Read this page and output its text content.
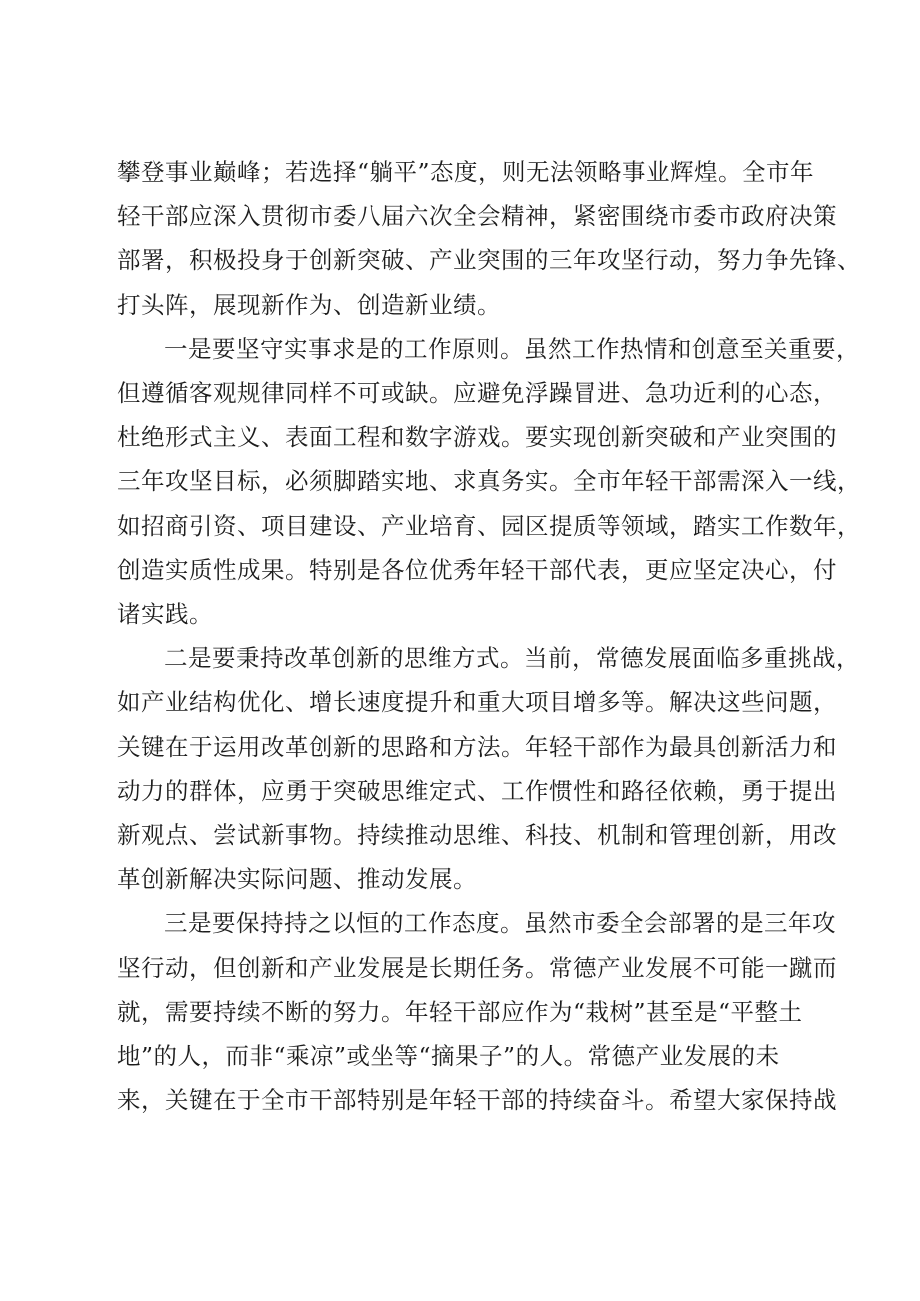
攀登事业巅峰；若选择“躺平”态度，则无法领略事业辉煌。全市年
轻干部应深入贯彻市委八届六次全会精神，紧密围绕市委市政府决策
部署，积极投身于创新突破、产业突围的三年攻坚行动，努力争先锋、
打头阵，展现新作为、创造新业绩。

一是要坚守实事求是的工作原则。虽然工作热情和创意至关重要，
但遵循客观规律同样不可或缺。应避免浮躁冒进、急功近利的心态，
杜绝形式主义、表面工程和数字游戏。要实现创新突破和产业突围的
三年攻坚目标，必须脚踏实地、求真务实。全市年轻干部需深入一线，
如招商引资、项目建设、产业培育、园区提质等领域，踏实工作数年，
创造实质性成果。特别是各位优秀年轻干部代表，更应坚定决心，付
诸实践。

二是要秉持改革创新的思维方式。当前，常德发展面临多重挑战，
如产业结构优化、增长速度提升和重大项目增多等。解决这些问题，
关键在于运用改革创新的思路和方法。年轻干部作为最具创新活力和
动力的群体，应勇于突破思维定式、工作惯性和路径依赖，勇于提出
新观点、尝试新事物。持续推动思维、科技、机制和管理创新，用改
革创新解决实际问题、推动发展。

三是要保持持之以恒的工作态度。虽然市委全会部署的是三年攻
坚行动，但创新和产业发展是长期任务。常德产业发展不可能一蹴而
就，需要持续不断的努力。年轻干部应作为“栽树”甚至是“平整土
地”的人，而非“乘凉”或坐等“摘果子”的人。常德产业发展的未
来，关键在于全市干部特别是年轻干部的持续奋斗。希望大家保持战
